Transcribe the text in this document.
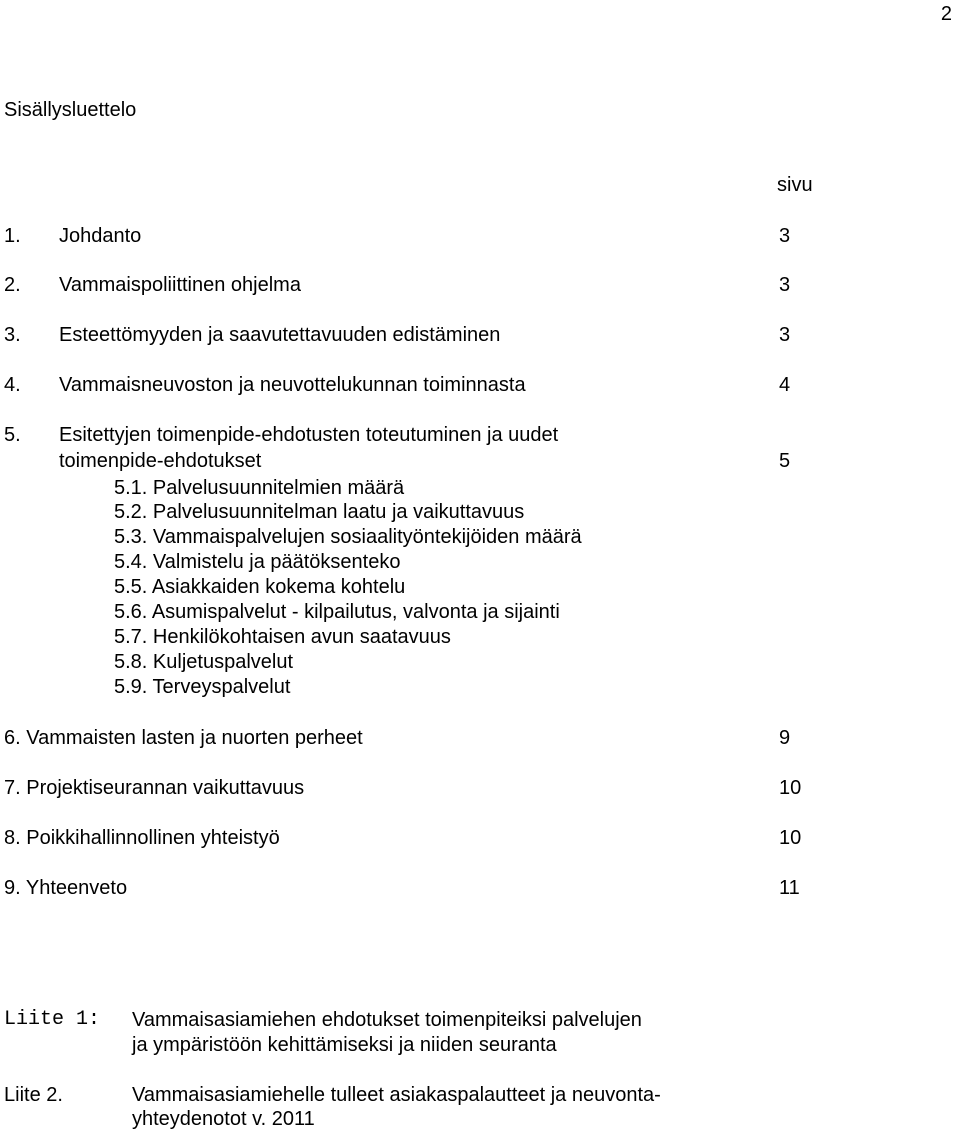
2
Sisällysluettelo
sivu
1. Johdanto	3
2. Vammaispoliittinen ohjelma	3
3. Esteettömyyden ja saavutettavuuden edistäminen	3
4. Vammaisneuvoston ja neuvottelukunnan toiminnasta	4
5. Esitettyjen toimenpide-ehdotusten toteutuminen ja uudet
toimenpide-ehdotukset	5
5.1. Palvelusuunnitelmien määrä
5.2. Palvelusuunnitelman laatu ja vaikuttavuus
5.3. Vammaispalvelujen sosiaalityöntekijöiden määrä
5.4. Valmistelu ja päätöksenteko
5.5. Asiakkaiden kokema kohtelu
5.6. Asumispalvelut - kilpailutus, valvonta ja sijainti
5.7. Henkilökohtaisen avun saatavuus
5.8. Kuljetuspalvelut
5.9. Terveyspalvelut
6. Vammaisten lasten ja nuorten perheet	9
7. Projektiseurannan vaikuttavuus	10
8. Poikkihallinnollinen yhteistyö	10
9. Yhteenveto	11
Liite 1: Vammaisasiamiehen ehdotukset toimenpiteiksi palvelujen
ja ympäristöön kehittämiseksi ja niiden seuranta
Liite 2.	Vammaisasiamiehelle tulleet asiakaspalautteet ja neuvonta-
yhteydenotot v. 2011
